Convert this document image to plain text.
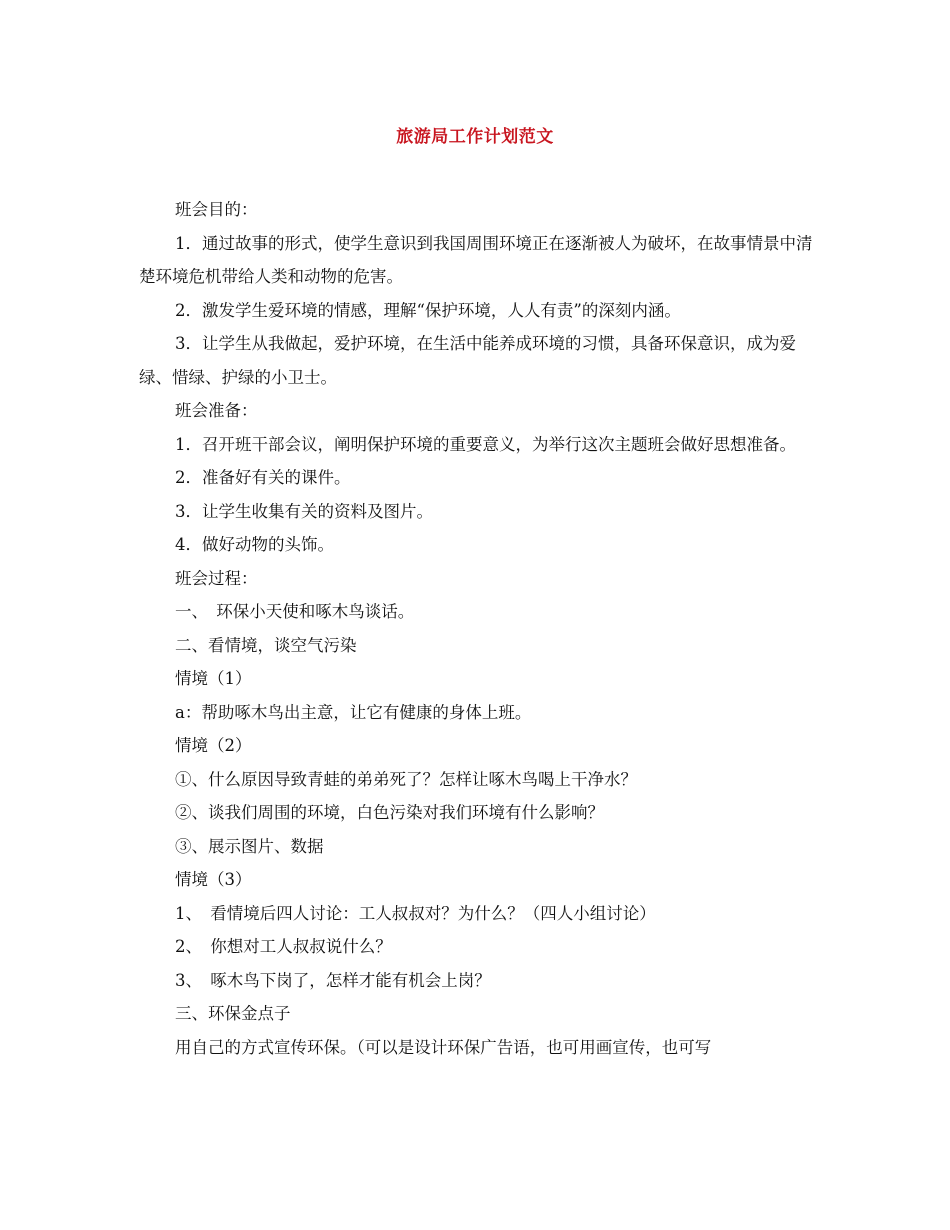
旅游局工作计划范文

班会目的：

1．通过故事的形式，使学生意识到我国周围环境正在逐渐被人为破坏，在故事情景中清楚环境危机带给人类和动物的危害。

2．激发学生爱环境的情感，理解“保护环境，人人有责”的深刻内涵。

3．让学生从我做起，爱护环境，在生活中能养成环境的习惯，具备环保意识，成为爱绿、惜绿、护绿的小卫士。

班会准备：

1．召开班干部会议，阐明保护环境的重要意义，为举行这次主题班会做好思想准备。

2．准备好有关的课件。

3．让学生收集有关的资料及图片。

4．做好动物的头饰。

班会过程：

一、　环保小天使和啄木鸟谈话。

二、看情境，谈空气污染

情境（1）

a：帮助啄木鸟出主意，让它有健康的身体上班。

情境（2）

①、什么原因导致青蛙的弟弟死了？怎样让啄木鸟喝上干净水？

②、谈我们周围的环境，白色污染对我们环境有什么影响？

③、展示图片、数据

情境（3）

1、　看情境后四人讨论：工人叔叔对？为什么？（四人小组讨论）

2、　你想对工人叔叔说什么？

3、　啄木鸟下岗了，怎样才能有机会上岗？

三、环保金点子

用自己的方式宣传环保。（可以是设计环保广告语，也可用画宣传，也可写
